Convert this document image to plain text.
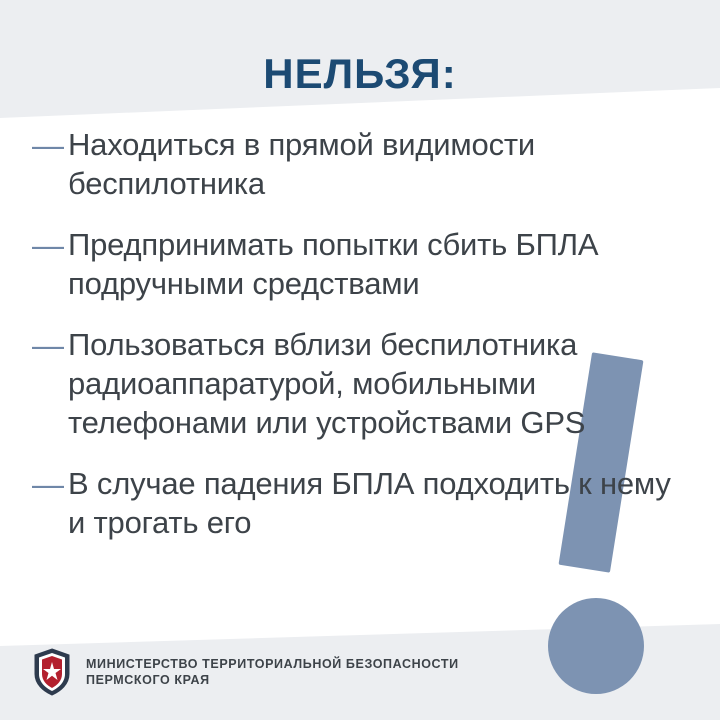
НЕЛЬЗЯ:
— Находиться в прямой видимости беспилотника
— Предпринимать попытки сбить БПЛА подручными средствами
— Пользоваться вблизи беспилотника радиоаппаратурой, мобильными телефонами или устройствами GPS
— В случае падения БПЛА подходить к нему и трогать его
МИНИСТЕРСТВО ТЕРРИТОРИАЛЬНОЙ БЕЗОПАСНОСТИ
ПЕРМСКОГО КРАЯ
